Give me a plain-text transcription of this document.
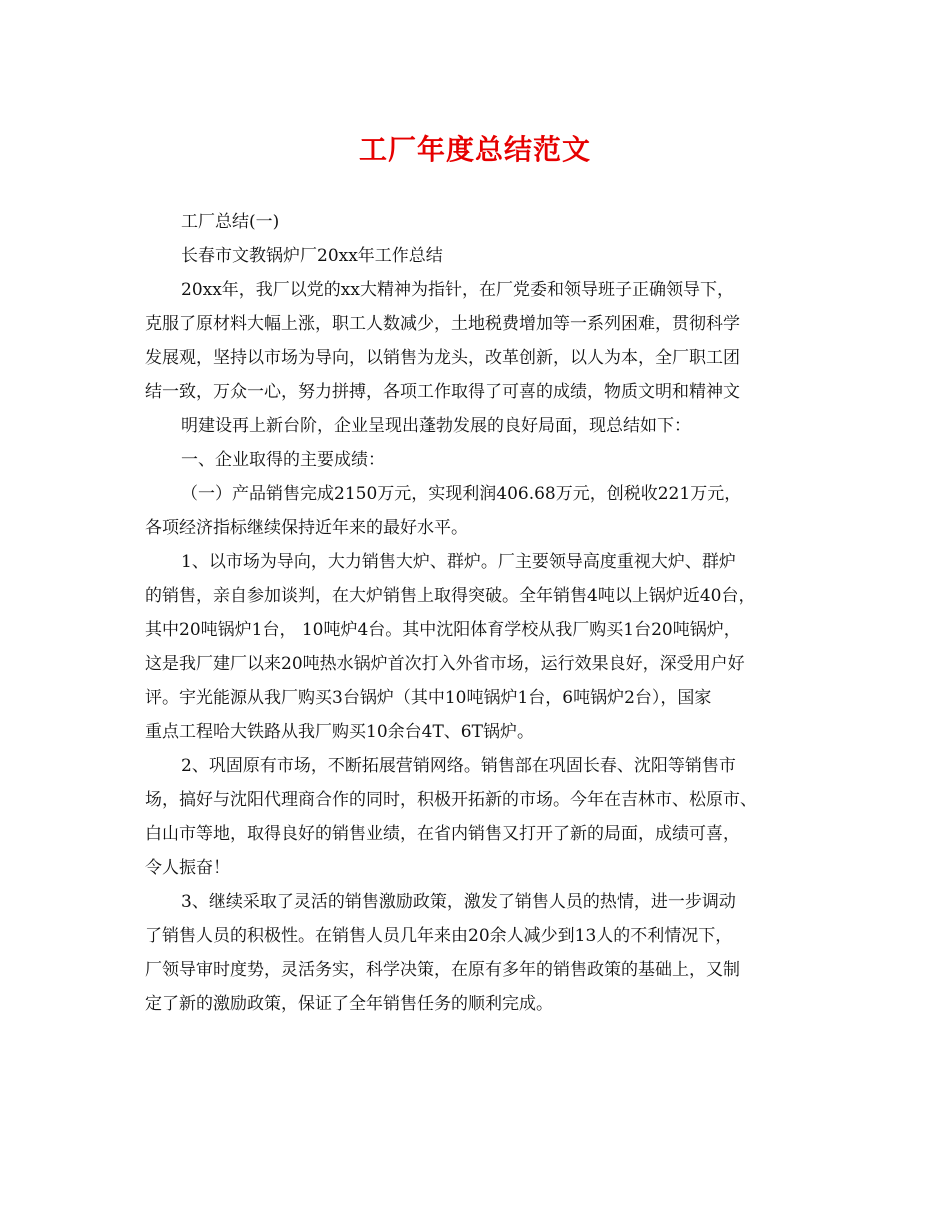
工厂年度总结范文
工厂总结(一)
长春市文教锅炉厂20xx年工作总结
20xx年，我厂以党的xx大精神为指针，在厂党委和领导班子正确领导下，
克服了原材料大幅上涨，职工人数减少，土地税费增加等一系列困难，贯彻科学
发展观，坚持以市场为导向，以销售为龙头，改革创新，以人为本，全厂职工团
结一致，万众一心，努力拼搏，各项工作取得了可喜的成绩，物质文明和精神文
明建设再上新台阶，企业呈现出蓬勃发展的良好局面，现总结如下：
一、企业取得的主要成绩：
（一）产品销售完成2150万元，实现利润406.68万元，创税收221万元，
各项经济指标继续保持近年来的最好水平。
1、以市场为导向，大力销售大炉、群炉。厂主要领导高度重视大炉、群炉
的销售，亲自参加谈判，在大炉销售上取得突破。全年销售4吨以上锅炉近40台，
其中20吨锅炉1台， 10吨炉4台。其中沈阳体育学校从我厂购买1台20吨锅炉，
这是我厂建厂以来20吨热水锅炉首次打入外省市场，运行效果良好，深受用户好
评。宇光能源从我厂购买3台锅炉（其中10吨锅炉1台，6吨锅炉2台），国家
重点工程哈大铁路从我厂购买10余台4T、6T锅炉。
2、巩固原有市场，不断拓展营销网络。销售部在巩固长春、沈阳等销售市
场，搞好与沈阳代理商合作的同时，积极开拓新的市场。今年在吉林市、松原市、
白山市等地，取得良好的销售业绩，在省内销售又打开了新的局面，成绩可喜，
令人振奋！
3、继续采取了灵活的销售激励政策，激发了销售人员的热情，进一步调动
了销售人员的积极性。在销售人员几年来由20余人减少到13人的不利情况下，
厂领导审时度势，灵活务实，科学决策，在原有多年的销售政策的基础上，又制
定了新的激励政策，保证了全年销售任务的顺利完成。
